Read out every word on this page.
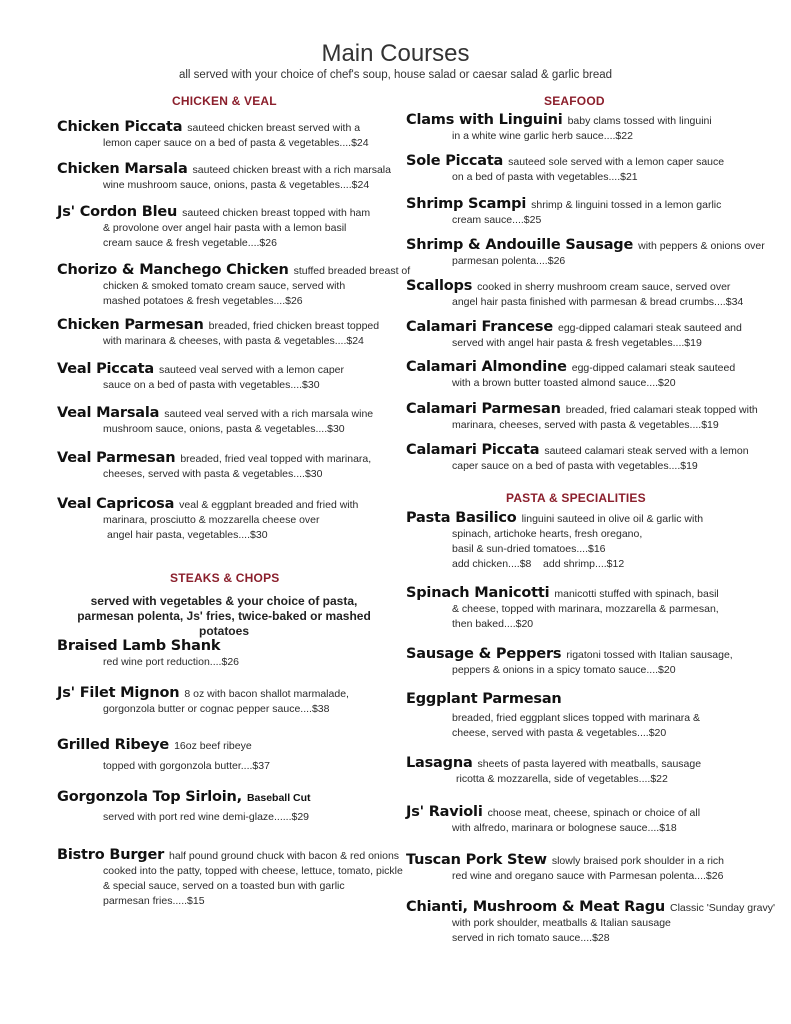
Main Courses
all served with your choice of chef's soup, house salad or caesar salad & garlic bread
CHICKEN & VEAL
STEAKS & CHOPS
SEAFOOD
PASTA & SPECIALITIES
served with vegetables & your choice of pasta,
parmesan polenta, Js' fries, twice-baked or mashed potatoes
Chicken Piccata sauteed chicken breast served with a
lemon caper sauce on a bed of pasta & vegetables....$24
Chicken Marsala sauteed chicken breast with a rich marsala
wine mushroom sauce, onions, pasta & vegetables....$24
Js' Cordon Bleu sauteed chicken breast topped with ham
& provolone over angel hair pasta with a lemon basil
cream sauce & fresh vegetable....$26
Chorizo & Manchego Chicken stuffed breaded breast of
chicken & smoked tomato cream sauce, served with
mashed potatoes & fresh vegetables....$26
Chicken Parmesan breaded, fried chicken breast topped
with marinara & cheeses, with pasta & vegetables....$24
Veal Piccata sauteed veal served with a lemon caper
sauce on a bed of pasta with vegetables....$30
Veal Marsala sauteed veal served with a rich marsala wine
mushroom sauce, onions, pasta & vegetables....$30
Veal Parmesan breaded, fried veal topped with marinara,
cheeses, served with pasta & vegetables....$30
Veal Capricosa veal & eggplant breaded and fried with
marinara, prosciutto & mozzarella cheese over
angel hair pasta, vegetables....$30
Braised Lamb Shank
red wine port reduction....$26
Js' Filet Mignon 8 oz with bacon shallot marmalade,
gorgonzola butter or cognac pepper sauce....$38
Grilled Ribeye 16oz beef ribeye
topped with gorgonzola butter....$37
Gorgonzola Top Sirloin, Baseball Cut
served with port red wine demi-glaze......$29
Bistro Burger half pound ground chuck with bacon & red onions
cooked into the patty, topped with cheese, lettuce, tomato, pickle
& special sauce, served on a toasted bun with garlic
parmesan fries.....$15
Clams with Linguini baby clams tossed with linguini
in a white wine garlic herb sauce....$22
Sole Piccata sauteed sole served with a lemon caper sauce
on a bed of pasta with vegetables....$21
Shrimp Scampi shrimp & linguini tossed in a lemon garlic
cream sauce....$25
Shrimp & Andouille Sausage with peppers & onions over
parmesan polenta....$26
Scallops cooked in sherry mushroom cream sauce, served over
angel hair pasta finished with parmesan & bread crumbs....$34
Calamari Francese egg-dipped calamari steak sauteed and
served with angel hair pasta & fresh vegetables....$19
Calamari Almondine egg-dipped calamari steak sauteed
with a brown butter toasted almond sauce....$20
Calamari Parmesan breaded, fried calamari steak topped with
marinara, cheeses, served with pasta & vegetables....$19
Calamari Piccata sauteed calamari steak served with a lemon
caper sauce on a bed of pasta with vegetables....$19
Pasta Basilico linguini sauteed in olive oil & garlic with
spinach, artichoke hearts, fresh oregano,
basil & sun-dried tomatoes....$16
add chicken....$8    add shrimp....$12
Spinach Manicotti manicotti stuffed with spinach, basil
& cheese, topped with marinara, mozzarella & parmesan,
then baked....$20
Sausage & Peppers rigatoni tossed with Italian sausage,
peppers & onions in a spicy tomato sauce....$20
Eggplant Parmesan
breaded, fried eggplant slices topped with marinara &
cheese, served with pasta & vegetables....$20
Lasagna sheets of pasta layered with meatballs, sausage
ricotta & mozzarella, side of vegetables....$22
Js' Ravioli choose meat, cheese, spinach or choice of all
with alfredo, marinara or bolognese sauce....$18
Tuscan Pork Stew slowly braised pork shoulder in a rich
red wine and oregano sauce with Parmesan polenta....$26
Chianti, Mushroom & Meat Ragu Classic 'Sunday gravy'
with pork shoulder, meatballs & Italian sausage
served in rich tomato sauce....$28
